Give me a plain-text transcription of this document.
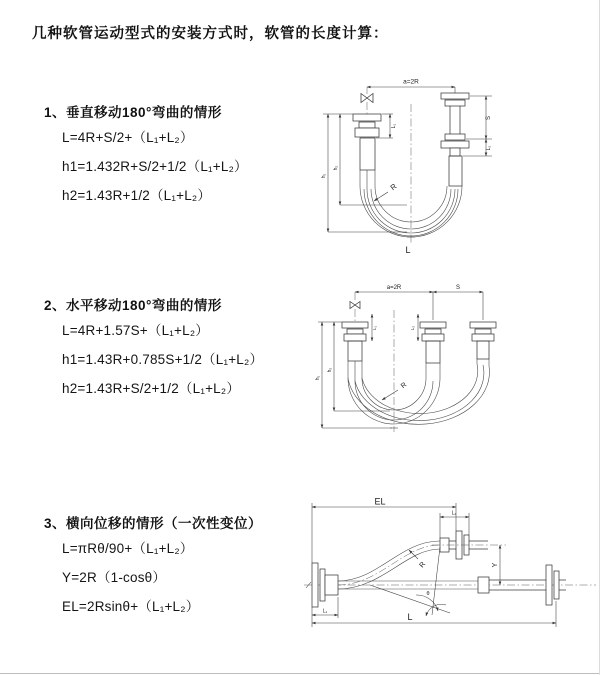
几种软管运动型式的安装方式时，软管的长度计算：
1、垂直移动180°弯曲的情形
L=4R+S/2+（L₁+L₂）
h1=1.432R+S/2+1/2（L₁+L₂）
h2=1.43R+1/2（L₁+L₂）
a=2R
L₁
S
L₂
h₁
h₂
R
L
2、水平移动180°弯曲的情形
L=4R+1.57S+（L₁+L₂）
h1=1.43R+0.785S+1/2（L₁+L₂）
h2=1.43R+S/2+1/2（L₁+L₂）
a=2R	S
L₁	L₂
h₁
h₂
R
3、横向位移的情形（一次性变位）
L=πRθ/90+（L₁+L₂）
Y=2R（1-cosθ）
EL=2Rsinθ+（L₁+L₂）
EL
L₂
Y
L₁
L
R
θ
